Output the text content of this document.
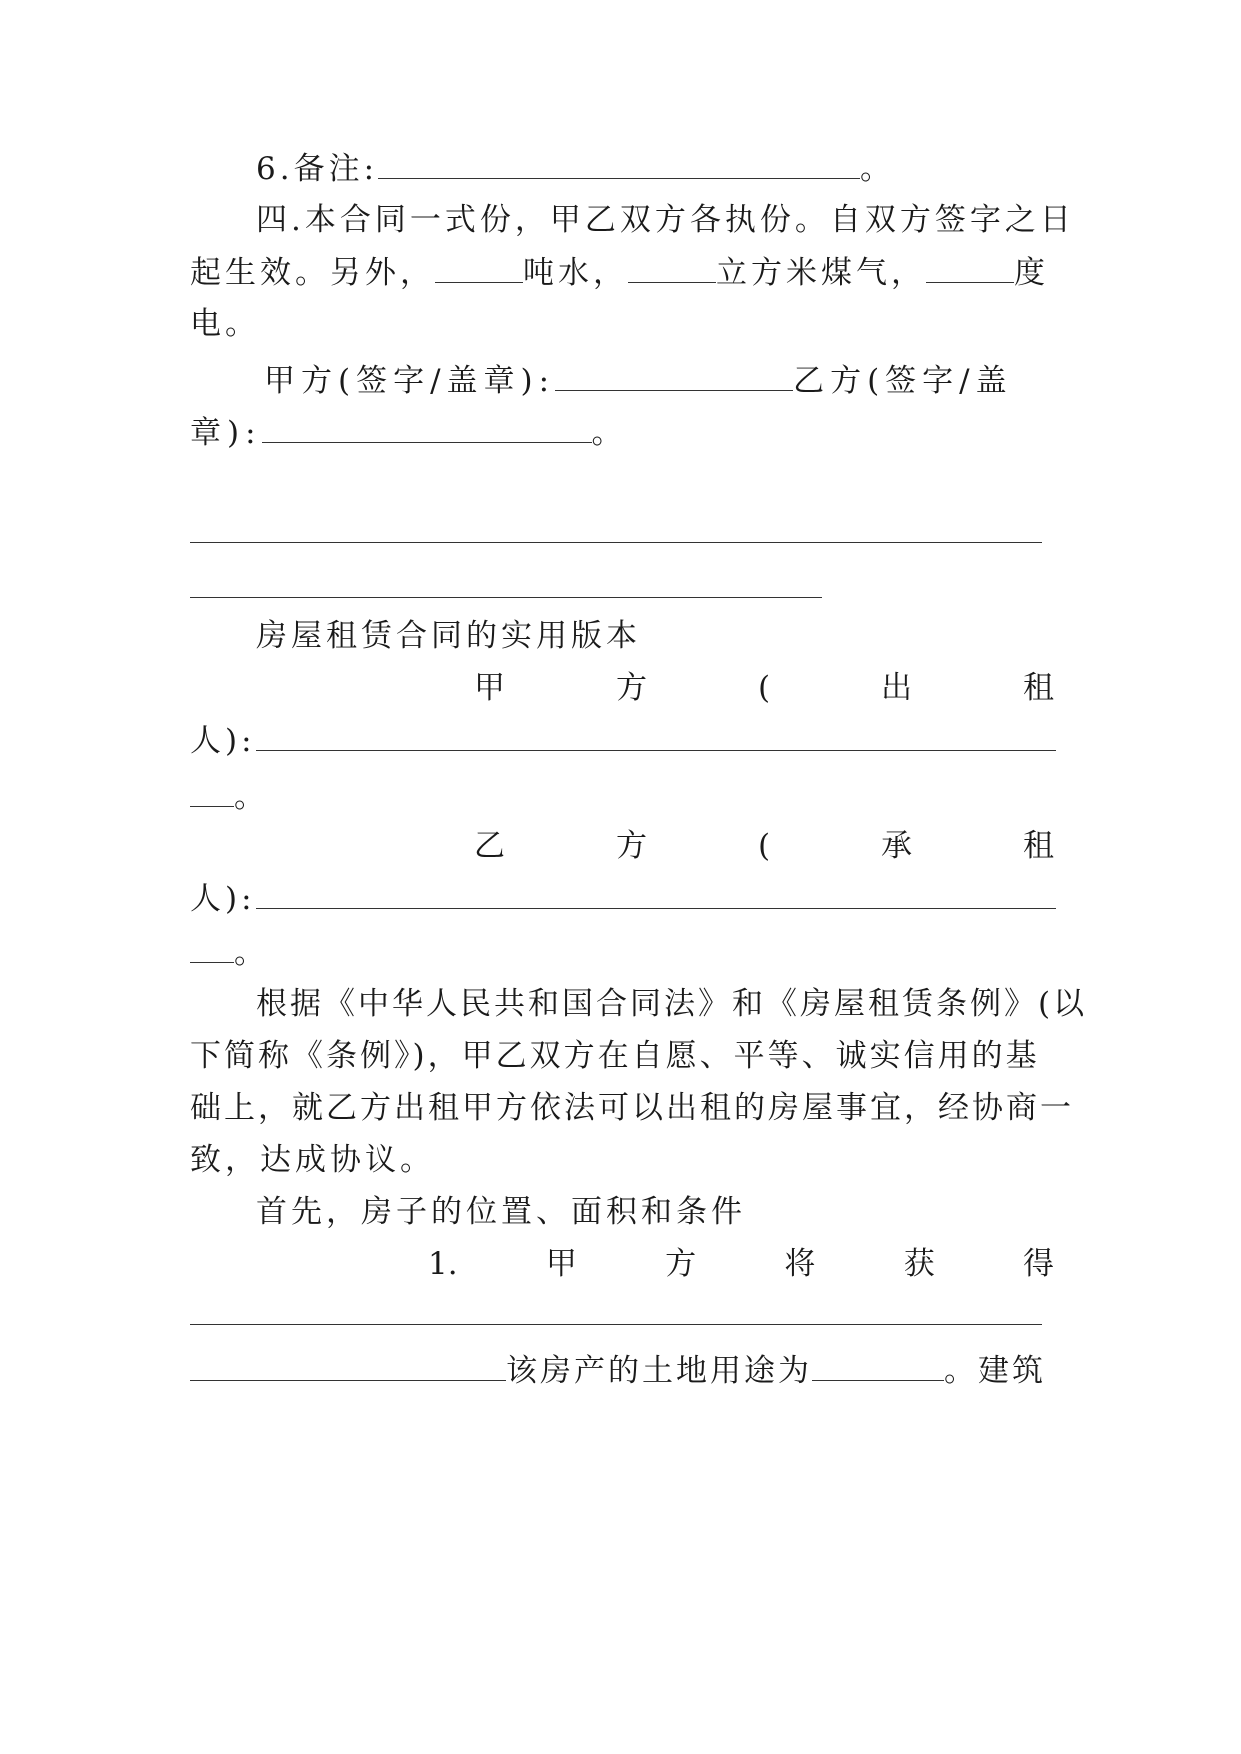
6.备注:	。
四.本合同一式份，甲乙双方各执份。自双方签字之日
起生效。另外，	吨水，	立方米煤气，	度
电。
甲方(签字/盖章):	乙方(签字/盖
章):	。
房屋租赁合同的实用版本
甲	方	(	出	租
人):
。
乙	方	(	承	租
人):
。
根据《中华人民共和国合同法》和《房屋租赁条例》(以
下简称《条例》)，甲乙双方在自愿、平等、诚实信用的基
础上，就乙方出租甲方依法可以出租的房屋事宜，经协商一
致，达成协议。
首先，房子的位置、面积和条件
1.	甲	方	将	获	得
该房产的土地用途为	。建筑
